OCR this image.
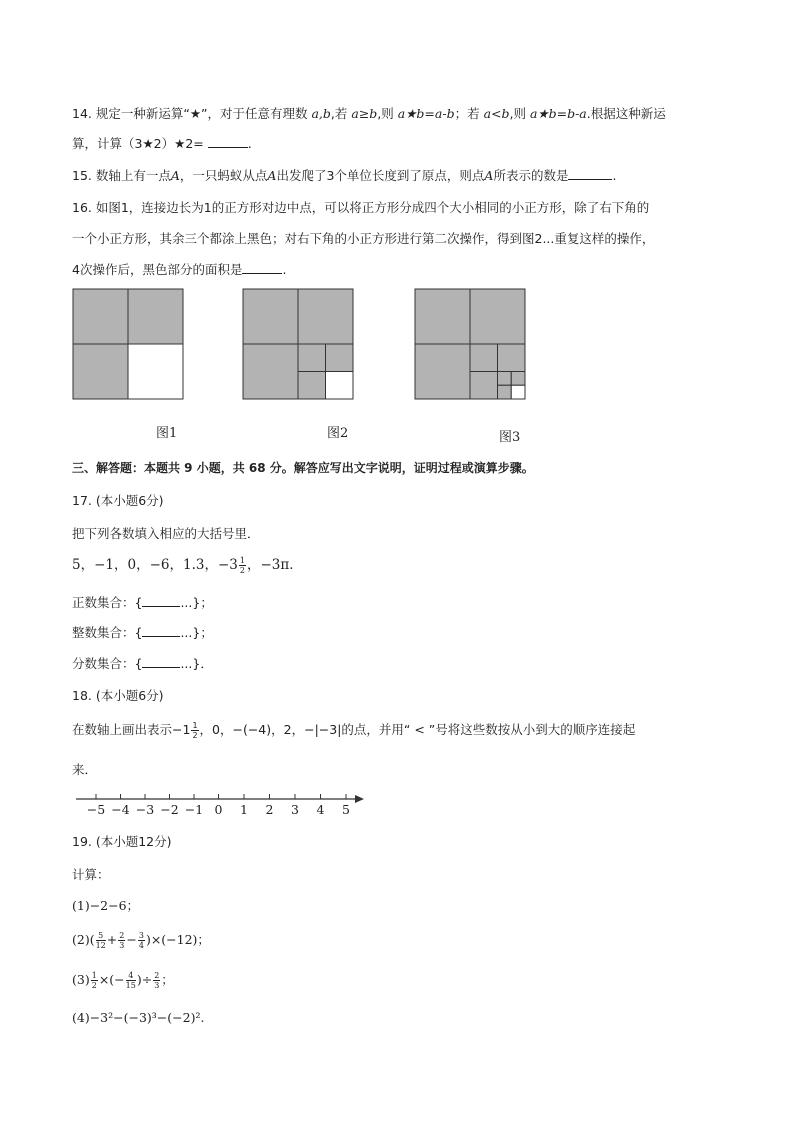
14. 规定一种新运算“★”，对于任意有理数 a,b,若 a≥b,则 a★b=a-b；若 a<b,则 a★b=b-a.根据这种新运
算，计算（3★2）★2=	.
15. 数轴上有一点A，一只蚂蚁从点A出发爬了3个单位长度到了原点，则点A所表示的数是	.
16. 如图1，连接边长为1的正方形对边中点，可以将正方形分成四个大小相同的小正方形，除了右下角的
一个小正方形，其余三个都涂上黑色；对右下角的小正方形进行第二次操作，得到图2...重复这样的操作，
4次操作后，黑色部分的面积是	.
图1	图2	图3
三、解答题：本题共 9 小题，共 68 分。解答应写出文字说明，证明过程或演算步骤。
17. (本小题6分)
把下列各数填入相应的大括号里．
5，−1，0，−6，1.3，$-3 \frac{1}{2}$ ，−3π．
正数集合：{	...}；
整数集合：{	...}；
分数集合：{	...}．
18. (本小题6分)
在数轴上画出表示$-1 \frac{1}{2}$ ，0，−(−4)，2，−|−3|的点，并用“ < ”号将这些数按从小到大的顺序连接起
来．
−5 −4 −3 −2 −1 0 1 2 3 4 5
19. (本小题12分)
计算：
(1)−2−6；
$(2)( \frac{5}{12} + \frac{2}{3} - \frac{3}{4} )\times(-12)$；
$(3) \frac{1}{2}$ ×(− $\frac{4}{15}$ )÷ $\frac{2}{3}$ ；
(4)−3²−(−3)³−(−2)².
